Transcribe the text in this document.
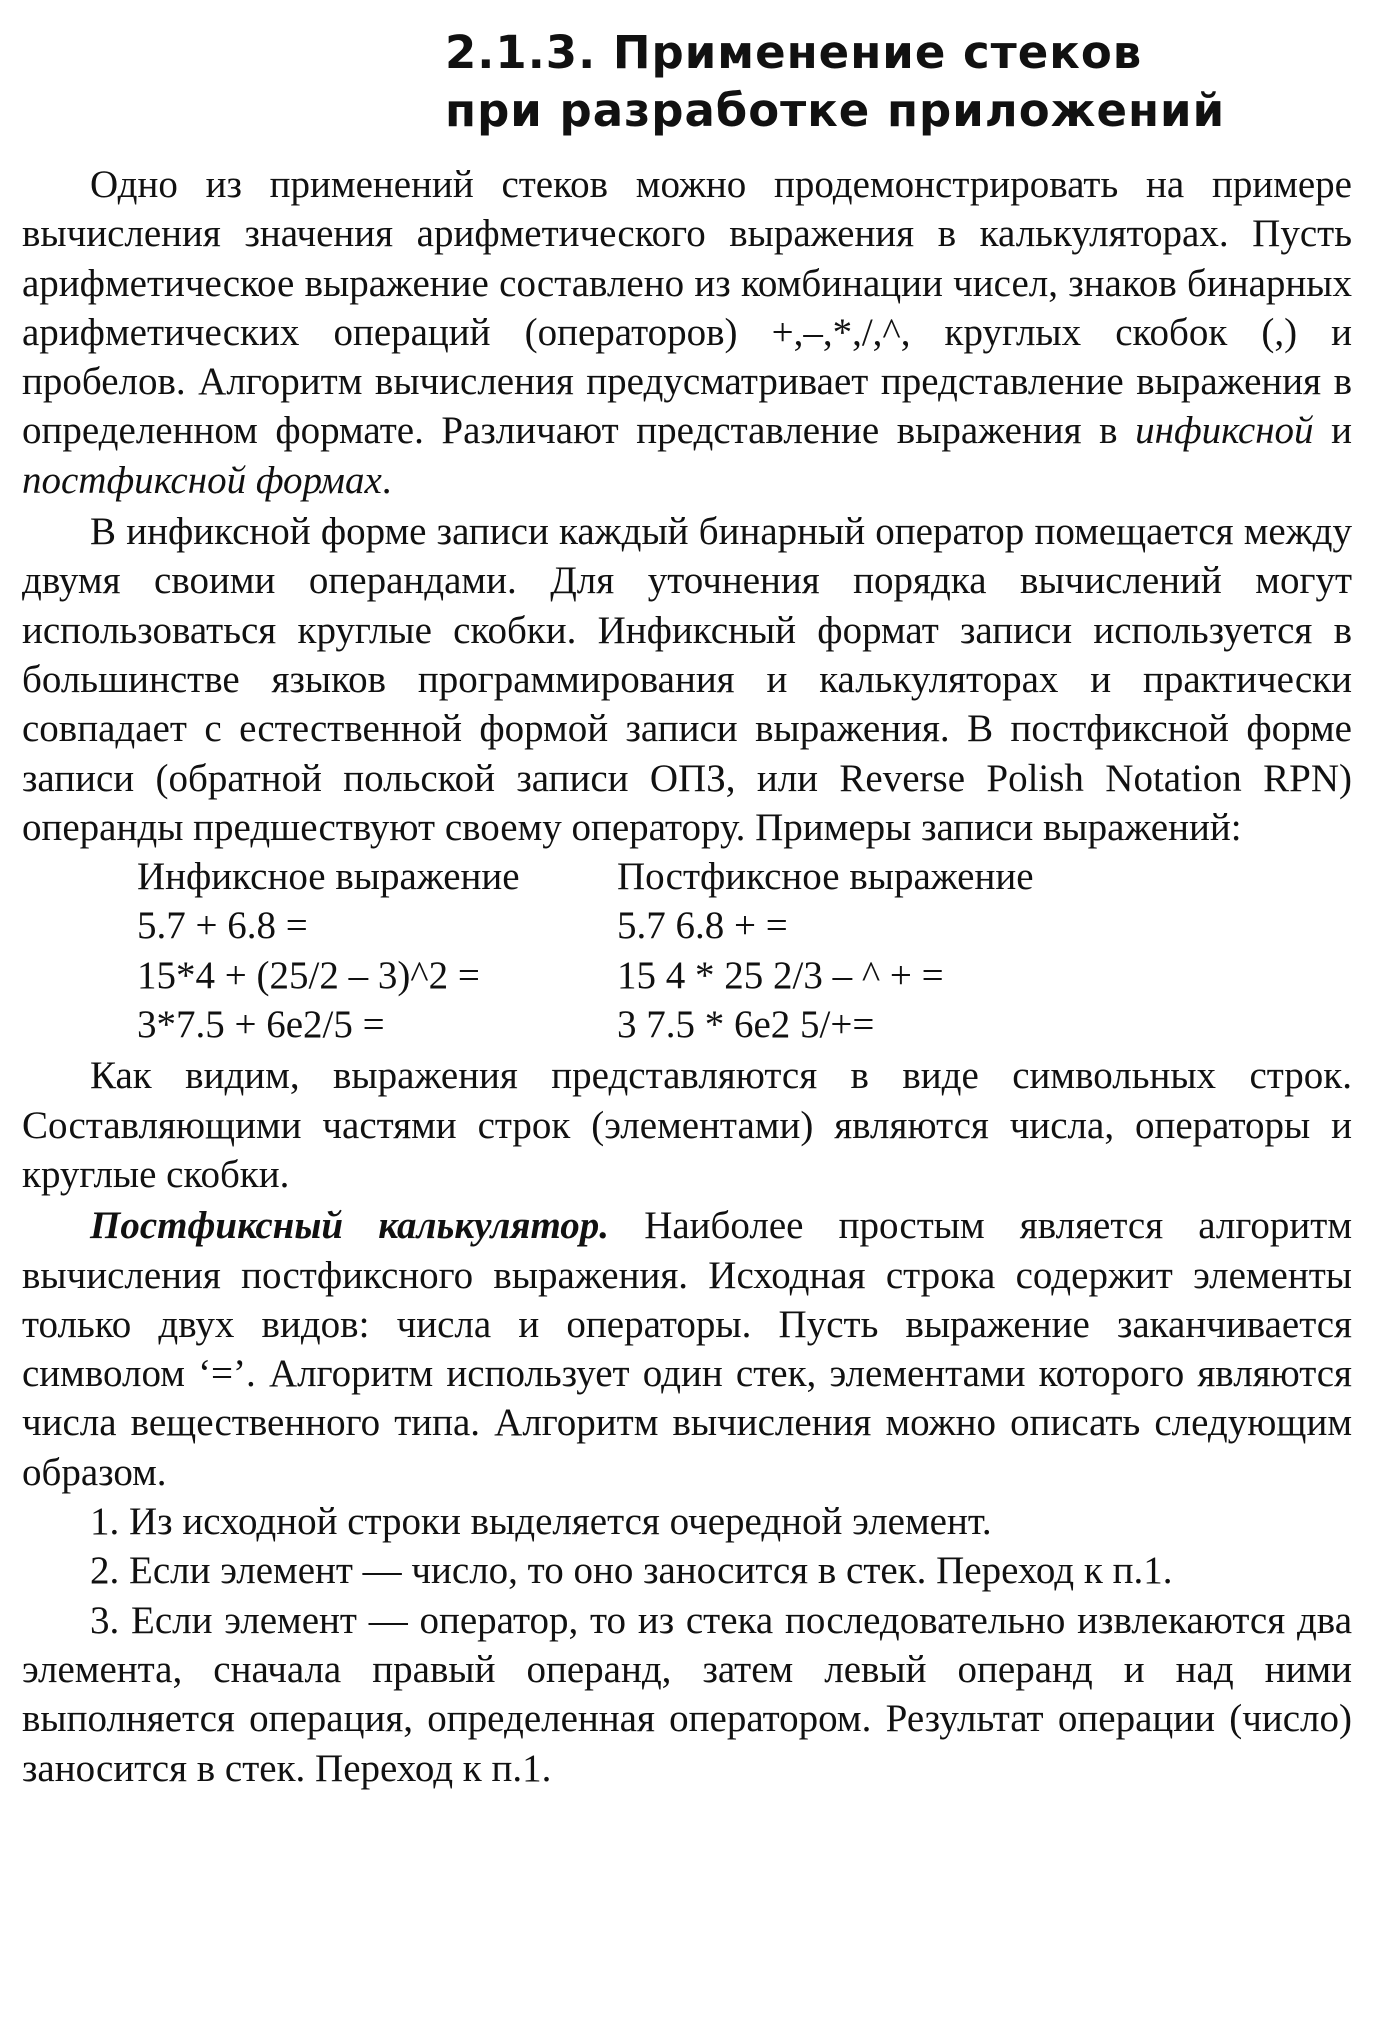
2.1.3. Применение стеков
при разработке приложений

Одно из применений стеков можно продемонстрировать на примере вычисления значения арифметического выражения в калькуляторах. Пусть арифметическое выражение составлено из комбинации чисел, знаков бинарных арифметических операций (операторов) +,–,*,/,^, круглых скобок (,) и пробелов. Алгоритм вычисления предусматривает представление выражения в определенном формате. Различают представление выражения в инфиксной и постфиксной формах.

В инфиксной форме записи каждый бинарный оператор помещается между двумя своими операндами. Для уточнения порядка вычислений могут использоваться круглые скобки. Инфиксный формат записи используется в большинстве языков программирования и калькуляторах и практически совпадает с естественной формой записи выражения. В постфиксной форме записи (обратной польской записи ОПЗ, или Reverse Polish Notation RPN) операнды предшествуют своему оператору. Примеры записи выражений:

Инфиксное выражение	Постфиксное выражение
5.7 + 6.8 =	5.7 6.8 + =
15*4 + (25/2 – 3)^2 =	15 4 * 25 2/3 – ^ + =
3*7.5 + 6e2/5 =	3 7.5 * 6e2 5/+=

Как видим, выражения представляются в виде символьных строк. Составляющими частями строк (элементами) являются числа, операторы и круглые скобки.

Постфиксный калькулятор. Наиболее простым является алгоритм вычисления постфиксного выражения. Исходная строка содержит элементы только двух видов: числа и операторы. Пусть выражение заканчивается символом ‘=’. Алгоритм использует один стек, элементами которого являются числа вещественного типа. Алгоритм вычисления можно описать следующим образом.

1. Из исходной строки выделяется очередной элемент.

2. Если элемент — число, то оно заносится в стек. Переход к п.1.

3. Если элемент — оператор, то из стека последовательно извлекаются два элемента, сначала правый операнд, затем левый операнд и над ними выполняется операция, определенная оператором. Результат операции (число) заносится в стек. Переход к п.1.
